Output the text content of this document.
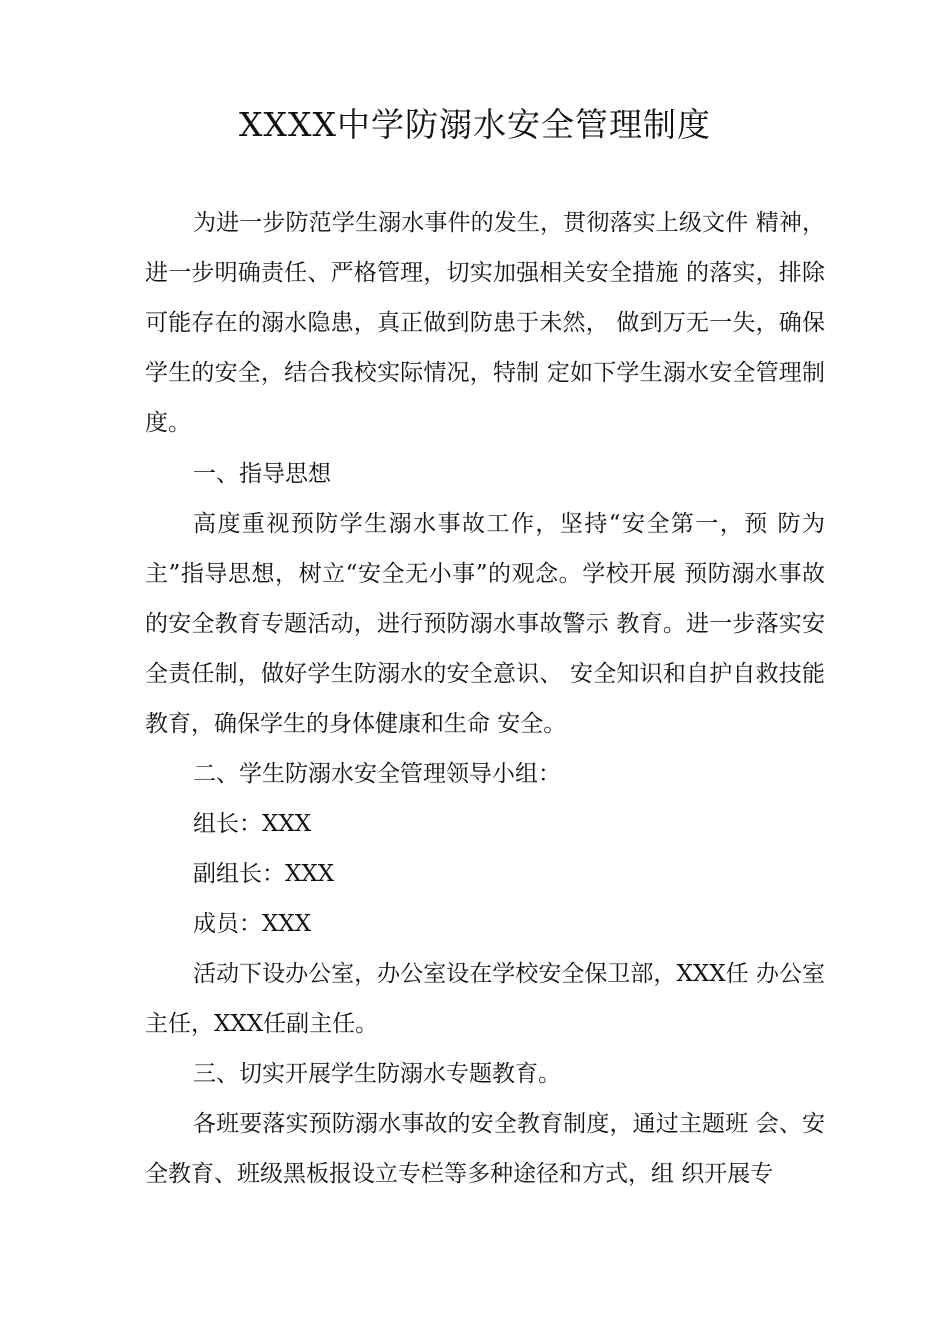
XXXX中学防溺水安全管理制度

为进一步防范学生溺水事件的发生，贯彻落实上级文件 精神，进一步明确责任、严格管理，切实加强相关安全措施 的落实，排除可能存在的溺水隐患，真正做到防患于未然， 做到万无一失，确保学生的安全，结合我校实际情况，特制 定如下学生溺水安全管理制度。

一、指导思想

高度重视预防学生溺水事故工作，坚持“安全第一，预 防为主”指导思想，树立“安全无小事”的观念。学校开展 预防溺水事故的安全教育专题活动，进行预防溺水事故警示 教育。进一步落实安全责任制，做好学生防溺水的安全意识、 安全知识和自护自救技能教育，确保学生的身体健康和生命 安全。

二、学生防溺水安全管理领导小组：

组长：XXX

副组长：XXX

成员：XXX

活动下设办公室，办公室设在学校安全保卫部，XXX任 办公室主任，XXX任副主任。

三、切实开展学生防溺水专题教育。

各班要落实预防溺水事故的安全教育制度，通过主题班 会、安全教育、班级黑板报设立专栏等多种途径和方式，组 织开展专
